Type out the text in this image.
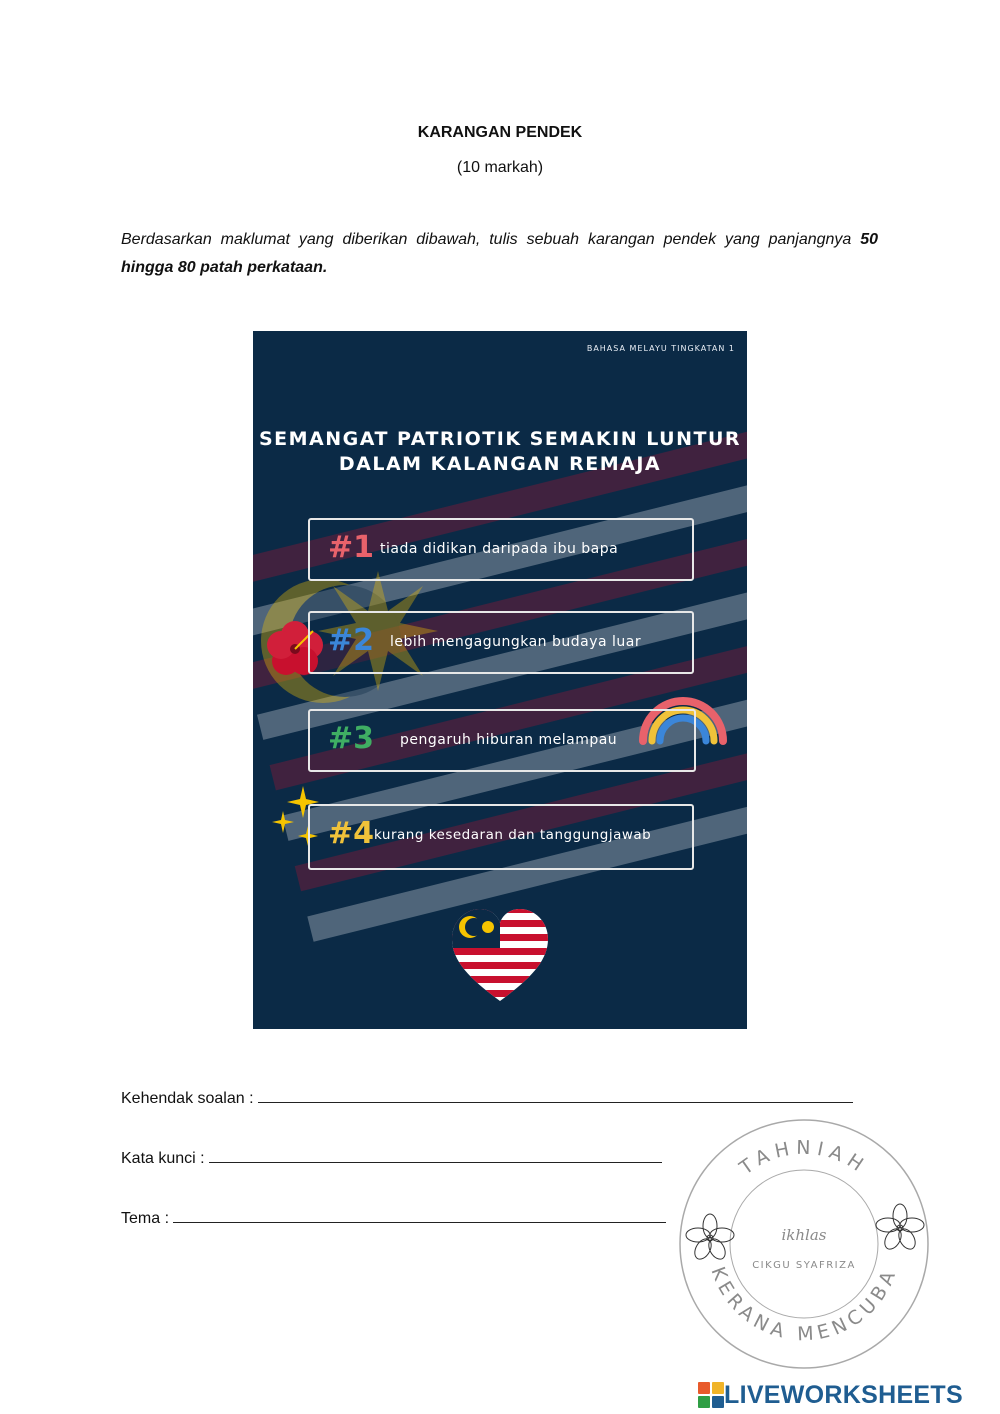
KARANGAN PENDEK
(10 markah)
Berdasarkan maklumat yang diberikan dibawah, tulis sebuah karangan pendek yang panjangnya 50 hingga 80 patah perkataan.
BAHASA MELAYU TINGKATAN 1
SEMANGAT PATRIOTIK SEMAKIN LUNTUR
DALAM KALANGAN REMAJA
#1 tiada didikan daripada ibu bapa
#2 lebih mengagungkan budaya luar
#3 pengaruh hiburan melampau
#4 kurang kesedaran dan tanggungjawab
Kehendak soalan :
Kata kunci :
Tema :
TAHNIAH
KERANA MENCUBA
ikhlas
CIKGU SYAFRIZA
LIVEWORKSHEETS
